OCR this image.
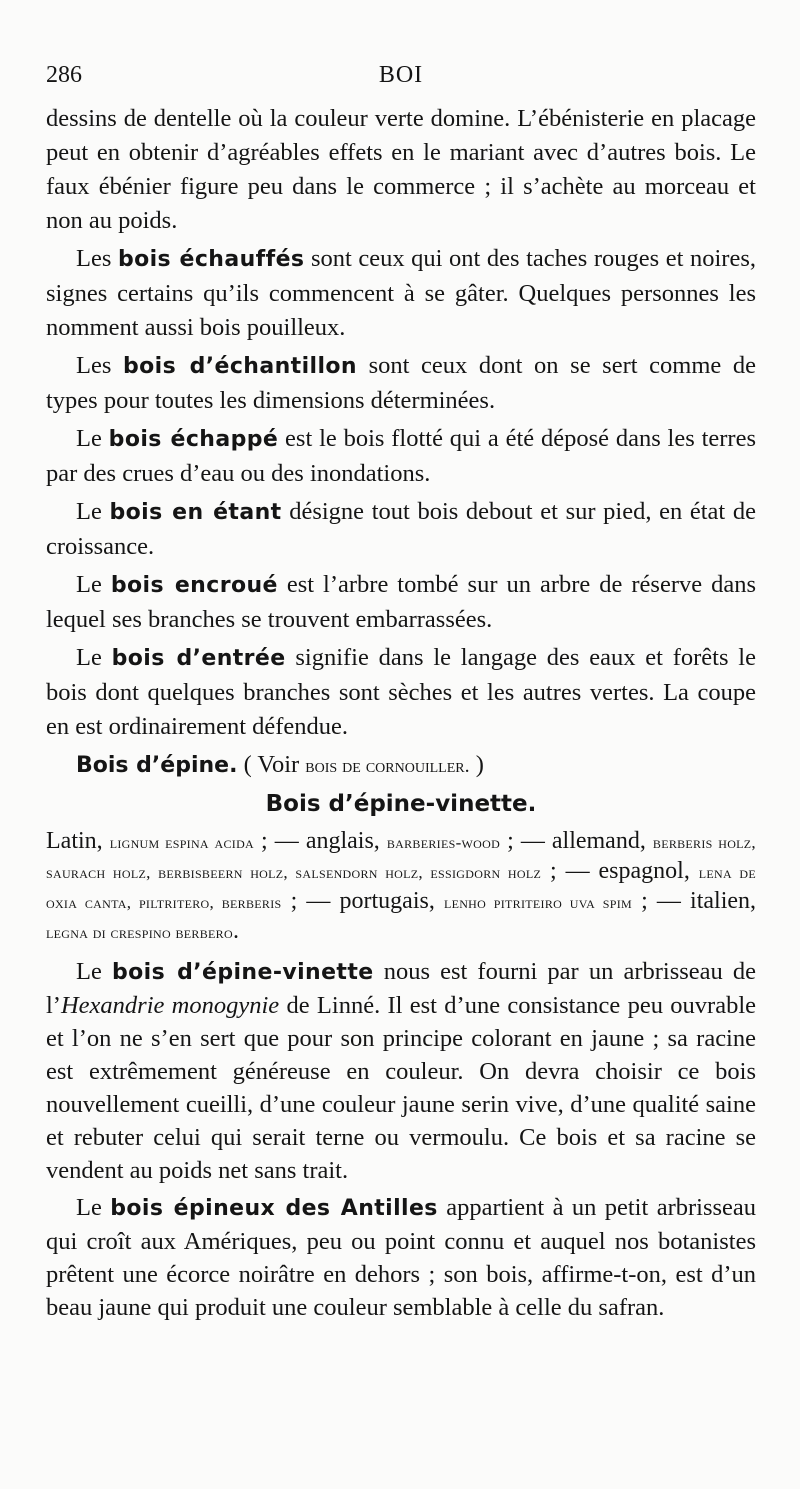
286	BOI

dessins de dentelle où la couleur verte domine. L’ébénisterie en placage peut en obtenir d’agréables effets en le mariant avec d’autres bois. Le faux ébénier figure peu dans le commerce ; il s’achète au morceau et non au poids.

Les bois échauffés sont ceux qui ont des taches rouges et noires, signes certains qu’ils commencent à se gâter. Quelques personnes les nomment aussi bois pouilleux.

Les bois d’échantillon sont ceux dont on se sert comme de types pour toutes les dimensions déterminées.

Le bois échappé est le bois flotté qui a été déposé dans les terres par des crues d’eau ou des inondations.

Le bois en étant désigne tout bois debout et sur pied, en état de croissance.

Le bois encroué est l’arbre tombé sur un arbre de réserve dans lequel ses branches se trouvent embarrassées.

Le bois d’entrée signifie dans le langage des eaux et forêts le bois dont quelques branches sont sèches et les autres vertes. La coupe en est ordinairement défendue.

Bois d’épine. ( Voir bois de cornouiller. )

Bois d’épine-vinette.

Latin, lignum espina acida ; — anglais, barberies-wood ; — allemand, berberis holz, saurach holz, berbisbeern holz, salsendorn holz, essigdorn holz ; — espagnol, lena de oxia canta, piltritero, berberis ; — portugais, lenho pitriteiro uva spim ; — italien, legna di crespino berbero.

Le bois d’épine-vinette nous est fourni par un arbrisseau de l’Hexandrie monogynie de Linné. Il est d’une consistance peu ouvrable et l’on ne s’en sert que pour son principe colorant en jaune ; sa racine est extrêmement généreuse en couleur. On devra choisir ce bois nouvellement cueilli, d’une couleur jaune serin vive, d’une qualité saine et rebuter celui qui serait terne ou vermoulu. Ce bois et sa racine se vendent au poids net sans trait.

Le bois épineux des Antilles appartient à un petit arbrisseau qui croît aux Amériques, peu ou point connu et auquel nos botanistes prêtent une écorce noirâtre en dehors ; son bois, affirme-t-on, est d’un beau jaune qui produit une couleur semblable à celle du safran.
